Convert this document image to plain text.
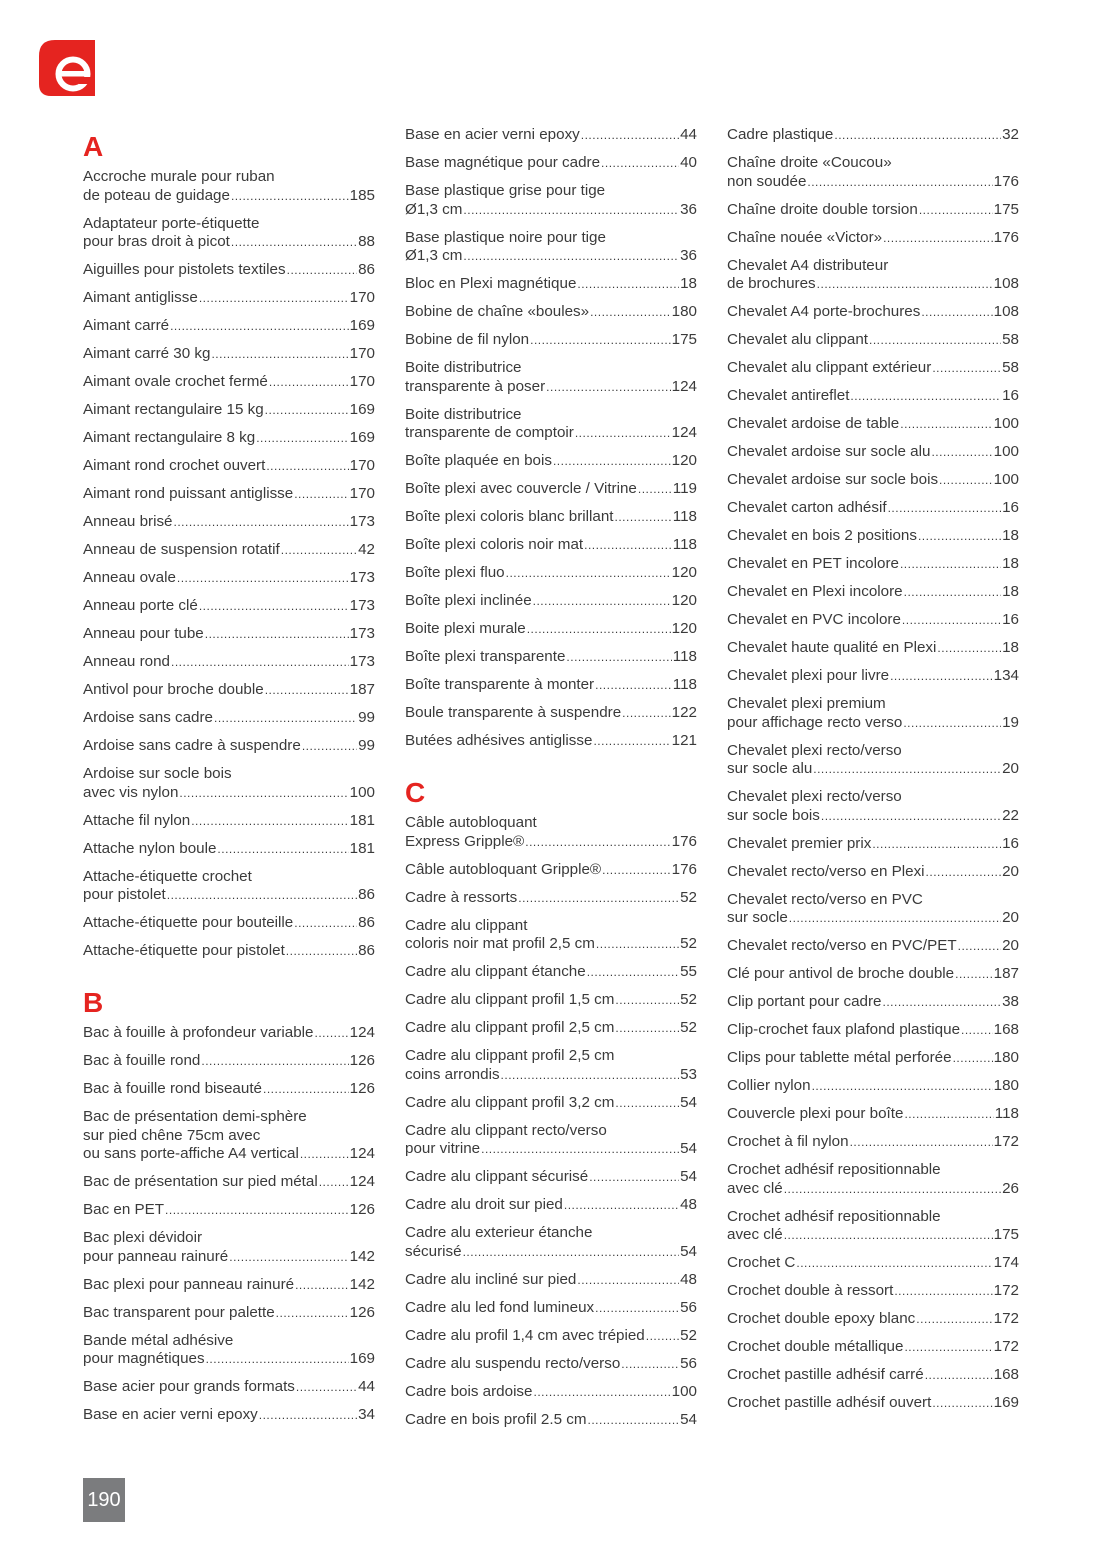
A
Accroche murale pour ruban
de poteau de guidage .....	185
Adaptateur porte-étiquette
pour bras droit à picot .....	88
Aiguilles pour pistolets textiles .....	86
Aimant antiglisse .....	170
Aimant carré .....	169
Aimant carré 30 kg .....	170
Aimant ovale crochet fermé .....	170
Aimant rectangulaire 15 kg .....	169
Aimant rectangulaire 8 kg .....	169
Aimant rond crochet ouvert .....	170
Aimant rond puissant antiglisse .....	170
Anneau brisé .....	173
Anneau de suspension rotatif .....	42
Anneau ovale .....	173
Anneau porte clé .....	173
Anneau pour tube .....	173
Anneau rond .....	173
Antivol pour broche double .....	187
Ardoise sans cadre .....	99
Ardoise sans cadre à suspendre .....	99
Ardoise sur socle bois
avec vis nylon .....	100
Attache fil nylon .....	181
Attache nylon boule .....	181
Attache-étiquette crochet
pour pistolet .....	86
Attache-étiquette pour bouteille .....	86
Attache-étiquette pour pistolet .....	86
B
Bac à fouille à profondeur variable ..... 124
Bac à fouille rond .....	126
Bac à fouille rond biseauté .....	126
Bac de présentation demi-sphère
sur pied chêne 75cm avec
ou sans porte-affiche A4 vertical .....	124
Bac de présentation sur pied métal ..... 124
Bac en PET .....	126
Bac plexi dévidoir
pour panneau rainuré .....	142
Bac plexi pour panneau rainuré .....	142
Bac transparent pour palette .....	126
Bande métal adhésive
pour magnétiques .....	169
Base acier pour grands formats .....	44
Base en acier verni epoxy .....	34
Base en acier verni epoxy .....	44
Base magnétique pour cadre .....	40
Base plastique grise pour tige
Ø1,3 cm .....	36
Base plastique noire pour tige
Ø1,3 cm .....	36
Bloc en Plexi magnétique .....	18
Bobine de chaîne «boules» .....	180
Bobine de fil nylon .....	175
Boite distributrice
transparente à poser .....	124
Boite distributrice
transparente de comptoir .....	124
Boîte plaquée en bois .....	120
Boîte plexi avec couvercle / Vitrine ..... 119
Boîte plexi coloris blanc brillant .....	118
Boîte plexi coloris noir mat .....	118
Boîte plexi fluo .....	120
Boîte plexi inclinée .....	120
Boite plexi murale .....	120
Boîte plexi transparente .....	118
Boîte transparente à monter .....	118
Boule transparente à suspendre .....	122
Butées adhésives antiglisse .....	121
C
Câble autobloquant
Express Gripple® .....	176
Câble autobloquant Gripple® .....	176
Cadre à ressorts .....	52
Cadre alu clippant
coloris noir mat profil 2,5 cm .....	52
Cadre alu clippant étanche .....	55
Cadre alu clippant profil 1,5 cm .....	52
Cadre alu clippant profil 2,5 cm .....	52
Cadre alu clippant profil 2,5 cm
coins arrondis .....	53
Cadre alu clippant profil 3,2 cm .....	54
Cadre alu clippant recto/verso
pour vitrine .....	54
Cadre alu clippant sécurisé .....	54
Cadre alu droit sur pied .....	48
Cadre alu exterieur étanche
sécurisé .....	54
Cadre alu incliné sur pied .....	48
Cadre alu led fond lumineux .....	56
Cadre alu profil 1,4 cm avec trépied ..... 52
Cadre alu suspendu recto/verso .....	56
Cadre bois ardoise .....	100
Cadre en bois profil 2.5 cm .....	54
Cadre plastique .....	32
Chaîne droite «Coucou»
non soudée .....	176
Chaîne droite double torsion .....	175
Chaîne nouée «Victor» .....	176
Chevalet A4 distributeur
de brochures .....	108
Chevalet A4 porte-brochures .....	108
Chevalet alu clippant .....	58
Chevalet alu clippant extérieur .....	58
Chevalet antireflet .....	16
Chevalet ardoise de table .....	100
Chevalet ardoise sur socle alu .....	100
Chevalet ardoise sur socle bois .....	100
Chevalet carton adhésif .....	16
Chevalet en bois 2 positions .....	18
Chevalet en PET incolore .....	18
Chevalet en Plexi incolore .....	18
Chevalet en PVC incolore .....	16
Chevalet haute qualité en Plexi .....	18
Chevalet plexi pour livre .....	134
Chevalet plexi premium
pour affichage recto verso .....	19
Chevalet plexi recto/verso
sur socle alu .....	20
Chevalet plexi recto/verso
sur socle bois .....	22
Chevalet premier prix .....	16
Chevalet recto/verso en Plexi .....	20
Chevalet recto/verso en PVC
sur socle .....	20
Chevalet recto/verso en PVC/PET .....	20
Clé pour antivol de broche double .....	187
Clip portant pour cadre .....	38
Clip-crochet faux plafond plastique ..... 168
Clips pour tablette métal perforée .....	180
Collier nylon .....	180
Couvercle plexi pour boîte .....	118
Crochet à fil nylon .....	172
Crochet adhésif repositionnable
avec clé .....	26
Crochet adhésif repositionnable
avec clé .....	175
Crochet C .....	174
Crochet double à ressort .....	172
Crochet double epoxy blanc .....	172
Crochet double métallique .....	172
Crochet pastille adhésif carré .....	168
Crochet pastille adhésif ouvert .....	169
190
